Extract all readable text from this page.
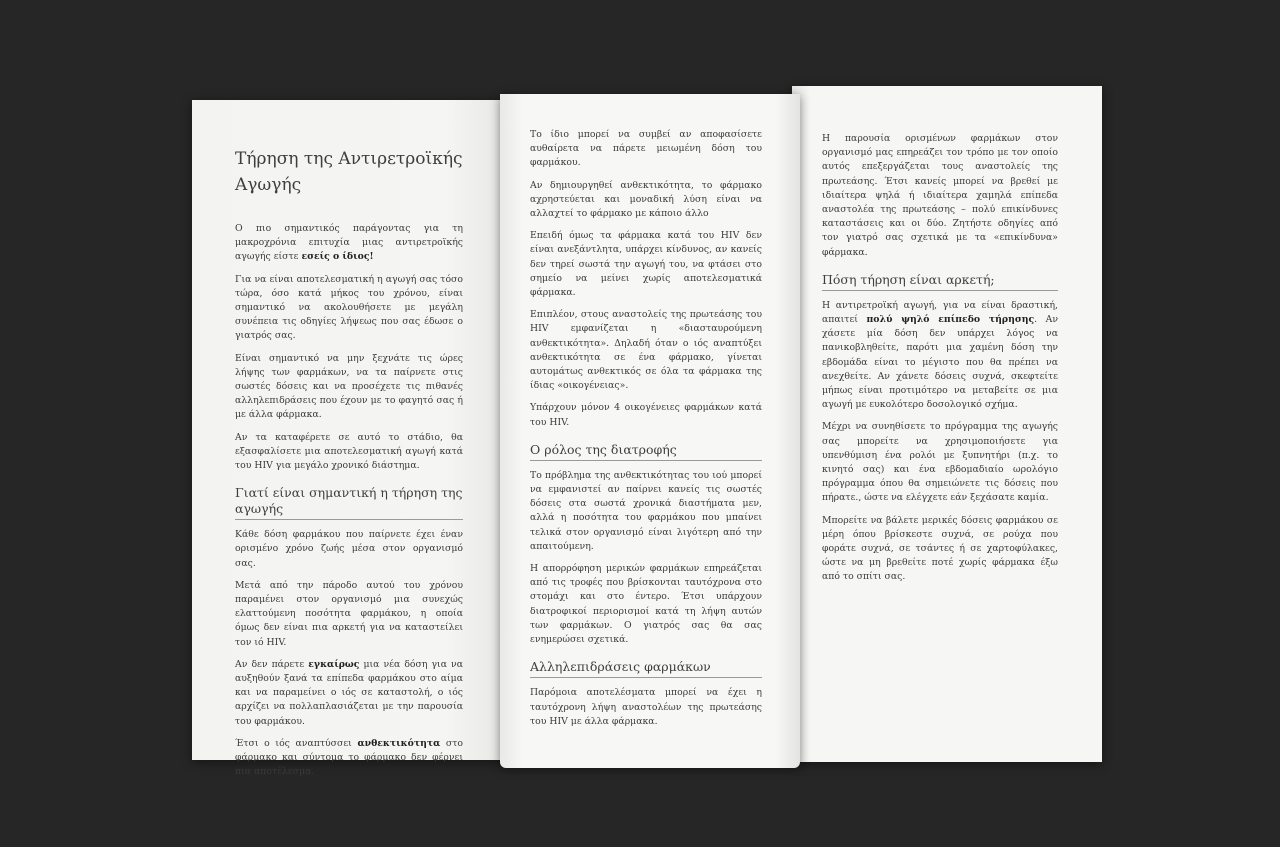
Τήρηση της Αντιρετροϊκής Αγωγής

Ο πιο σημαντικός παράγοντας για τη μακροχρόνια επιτυχία μιας αντιρετροϊκής αγωγής είστε εσείς ο ίδιος!

Για να είναι αποτελεσματική η αγωγή σας τόσο τώρα, όσο κατά μήκος του χρόνου, είναι σημαντικό να ακολουθήσετε με μεγάλη συνέπεια τις οδηγίες λήψεως που σας έδωσε ο γιατρός σας.

Είναι σημαντικό να μην ξεχνάτε τις ώρες λήψης των φαρμάκων, να τα παίρνετε στις σωστές δόσεις και να προσέχετε τις πιθανές αλληλεπιδράσεις που έχουν με το φαγητό σας ή με άλλα φάρμακα.

Αν τα καταφέρετε σε αυτό το στάδιο, θα εξασφαλίσετε μια αποτελεσματική αγωγή κατά του HIV για μεγάλο χρονικό διάστημα.

Γιατί είναι σημαντική η τήρηση της αγωγής

Κάθε δόση φαρμάκου που παίρνετε έχει έναν ορισμένο χρόνο ζωής μέσα στον οργανισμό σας.

Μετά από την πάροδο αυτού του χρόνου παραμένει στον οργανισμό μια συνεχώς ελαττούμενη ποσότητα φαρμάκου, η οποία όμως δεν είναι πια αρκετή για να καταστείλει τον ιό HIV.

Αν δεν πάρετε εγκαίρως μια νέα δόση για να αυξηθούν ξανά τα επίπεδα φαρμάκου στο αίμα και να παραμείνει ο ιός σε καταστολή, ο ιός αρχίζει να πολλαπλασιάζεται με την παρουσία του φαρμάκου.

Έτσι ο ιός αναπτύσσει ανθεκτικότητα στο φάρμακο και σύντομα το φάρμακο δεν φέρνει πια αποτέλεσμα.

Το ίδιο μπορεί να συμβεί αν αποφασίσετε αυθαίρετα να πάρετε μειωμένη δόση του φαρμάκου.

Αν δημιουργηθεί ανθεκτικότητα, το φάρμακο αχρηστεύεται και μοναδική λύση είναι να αλλαχτεί το φάρμακο με κάποιο άλλο

Επειδή όμως τα φάρμακα κατά του HIV δεν είναι ανεξάντλητα, υπάρχει κίνδυνος, αν κανείς δεν τηρεί σωστά την αγωγή του, να φτάσει στο σημείο να μείνει χωρίς αποτελεσματικά φάρμακα.

Επιπλέον, στους αναστολείς της πρωτεάσης του HIV εμφανίζεται η «διασταυρούμενη ανθεκτικότητα». Δηλαδή όταν ο ιός αναπτύξει ανθεκτικότητα σε ένα φάρμακο, γίνεται αυτομάτως ανθεκτικός σε όλα τα φάρμακα της ίδιας «οικογένειας».

Υπάρχουν μόνον 4 οικογένειες φαρμάκων κατά του HIV.

Ο ρόλος της διατροφής

Το πρόβλημα της ανθεκτικότητας του ιού μπορεί να εμφανιστεί αν παίρνει κανείς τις σωστές δόσεις στα σωστά χρονικά διαστήματα μεν, αλλά η ποσότητα του φαρμάκου που μπαίνει τελικά στον οργανισμό είναι λιγότερη από την απαιτούμενη.

Η απορρόφηση μερικών φαρμάκων επηρεάζεται από τις τροφές που βρίσκονται ταυτόχρονα στο στομάχι και στο έντερο. Έτσι υπάρχουν διατροφικοί περιορισμοί κατά τη λήψη αυτών των φαρμάκων. Ο γιατρός σας θα σας ενημερώσει σχετικά.

Αλληλεπιδράσεις φαρμάκων

Παρόμοια αποτελέσματα μπορεί να έχει η ταυτόχρονη λήψη αναστολέων της πρωτεάσης του HIV με άλλα φάρμακα.

Η παρουσία ορισμένων φαρμάκων στον οργανισμό μας επηρεάζει τον τρόπο με τον οποίο αυτός επεξεργάζεται τους αναστολείς της πρωτεάσης. Έτσι κανείς μπορεί να βρεθεί με ιδιαίτερα ψηλά ή ιδιαίτερα χαμηλά επίπεδα αναστολέα της πρωτεάσης – πολύ επικίνδυνες καταστάσεις και οι δύο. Ζητήστε οδηγίες από τον γιατρό σας σχετικά με τα «επικίνδυνα» φάρμακα.

Πόση τήρηση είναι αρκετή;

Η αντιρετροϊκή αγωγή, για να είναι δραστική, απαιτεί πολύ ψηλό επίπεδο τήρησης. Αν χάσετε μία δόση δεν υπάρχει λόγος να πανικοβληθείτε, παρότι μια χαμένη δόση την εβδομάδα είναι το μέγιστο που θα πρέπει να ανεχθείτε. Αν χάνετε δόσεις συχνά, σκεφτείτε μήπως είναι προτιμότερο να μεταβείτε σε μια αγωγή με ευκολότερο δοσολογικό σχήμα.

Μέχρι να συνηθίσετε το πρόγραμμα της αγωγής σας μπορείτε να χρησιμοποιήσετε για υπενθύμιση ένα ρολόι με ξυπνητήρι (π.χ. το κινητό σας) και ένα εβδομαδιαίο ωρολόγιο πρόγραμμα όπου θα σημειώνετε τις δόσεις που πήρατε., ώστε να ελέγχετε εάν ξεχάσατε καμία.

Μπορείτε να βάλετε μερικές δόσεις φαρμάκου σε μέρη όπου βρίσκεστε συχνά, σε ρούχα που φοράτε συχνά, σε τσάντες ή σε χαρτοφύλακες, ώστε να μη βρεθείτε ποτέ χωρίς φάρμακα έξω από το σπίτι σας.
